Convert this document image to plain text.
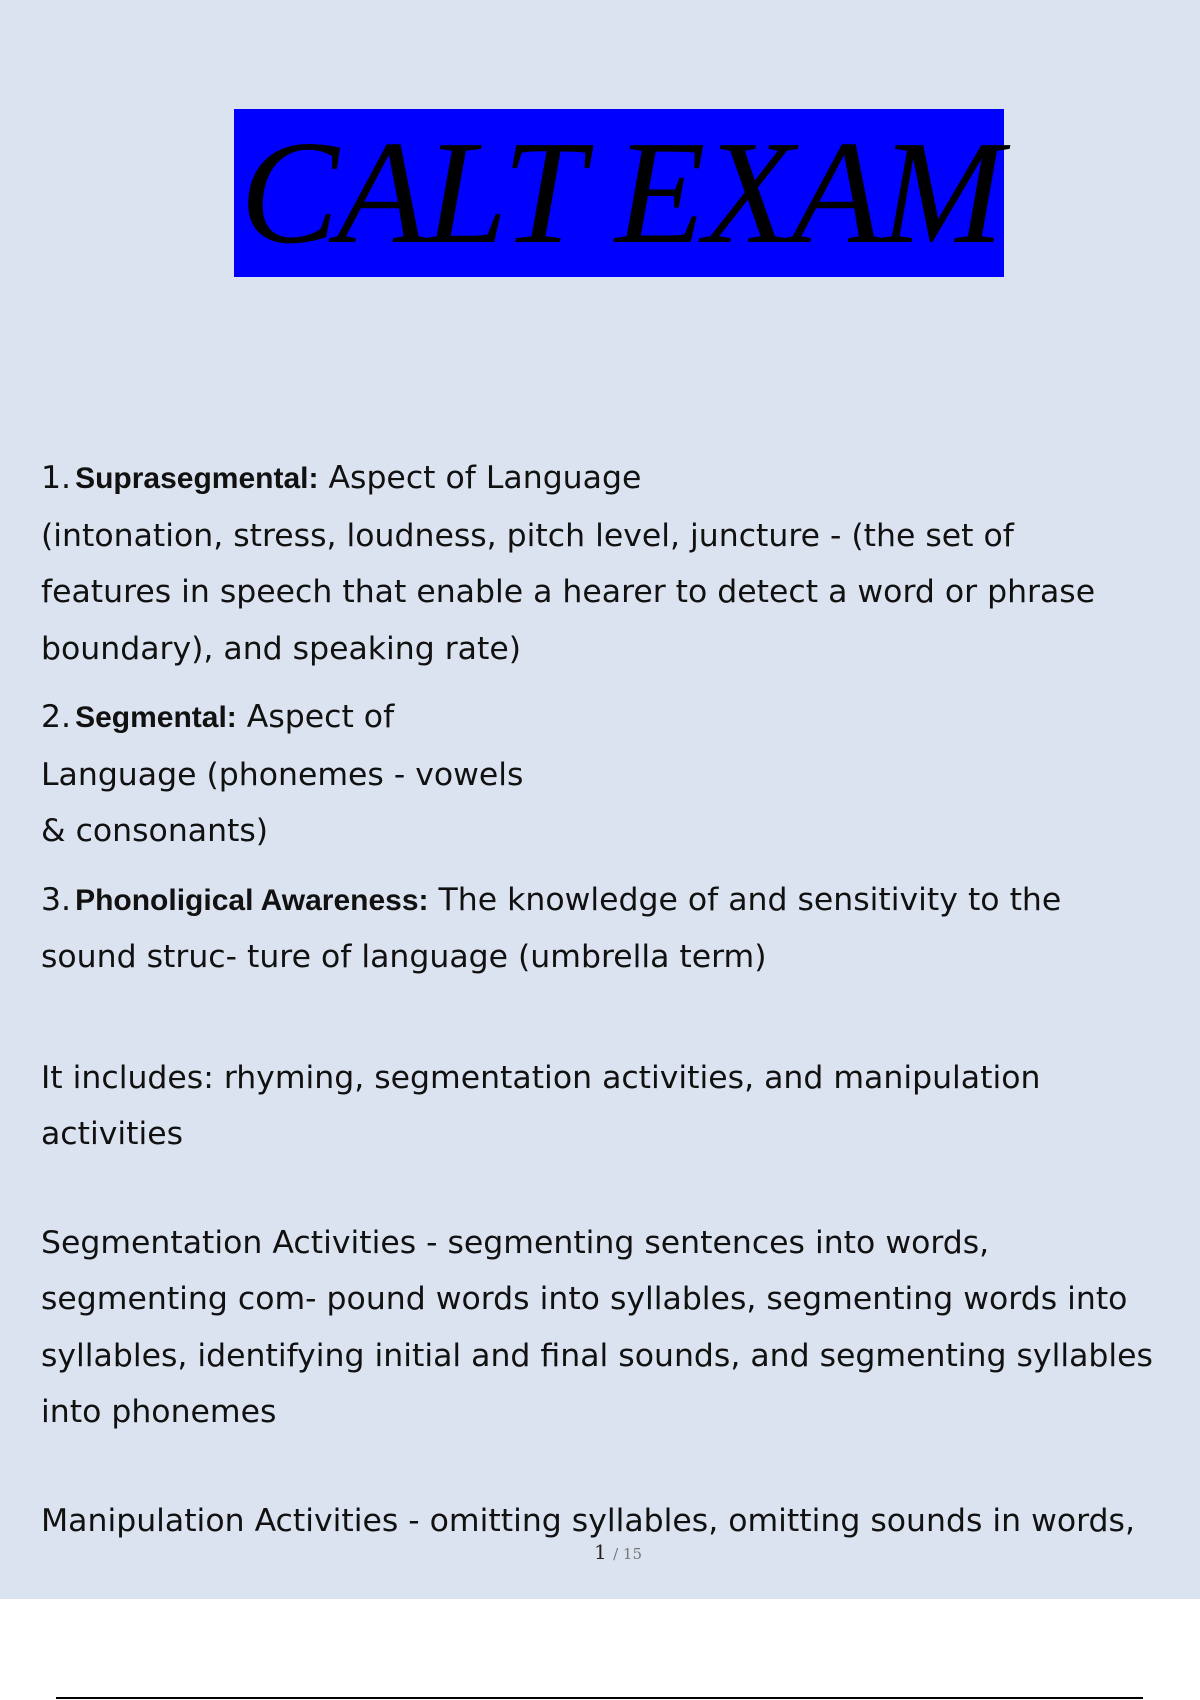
CALT EXAM

1. Suprasegmental: Aspect of Language
(intonation, stress, loudness, pitch level, juncture - (the set of
features in speech that enable a hearer to detect a word or phrase
boundary), and speaking rate)

2. Segmental: Aspect of
Language (phonemes - vowels
& consonants)

3. Phonoligical Awareness: The knowledge of and sensitivity to the
sound struc- ture of language (umbrella term)

It includes: rhyming, segmentation activities, and manipulation
activities

Segmentation Activities - segmenting sentences into words,
segmenting com- pound words into syllables, segmenting words into
syllables, identifying initial and final sounds, and segmenting syllables
into phonemes

Manipulation Activities - omitting syllables, omitting sounds in words,

1 / 15
